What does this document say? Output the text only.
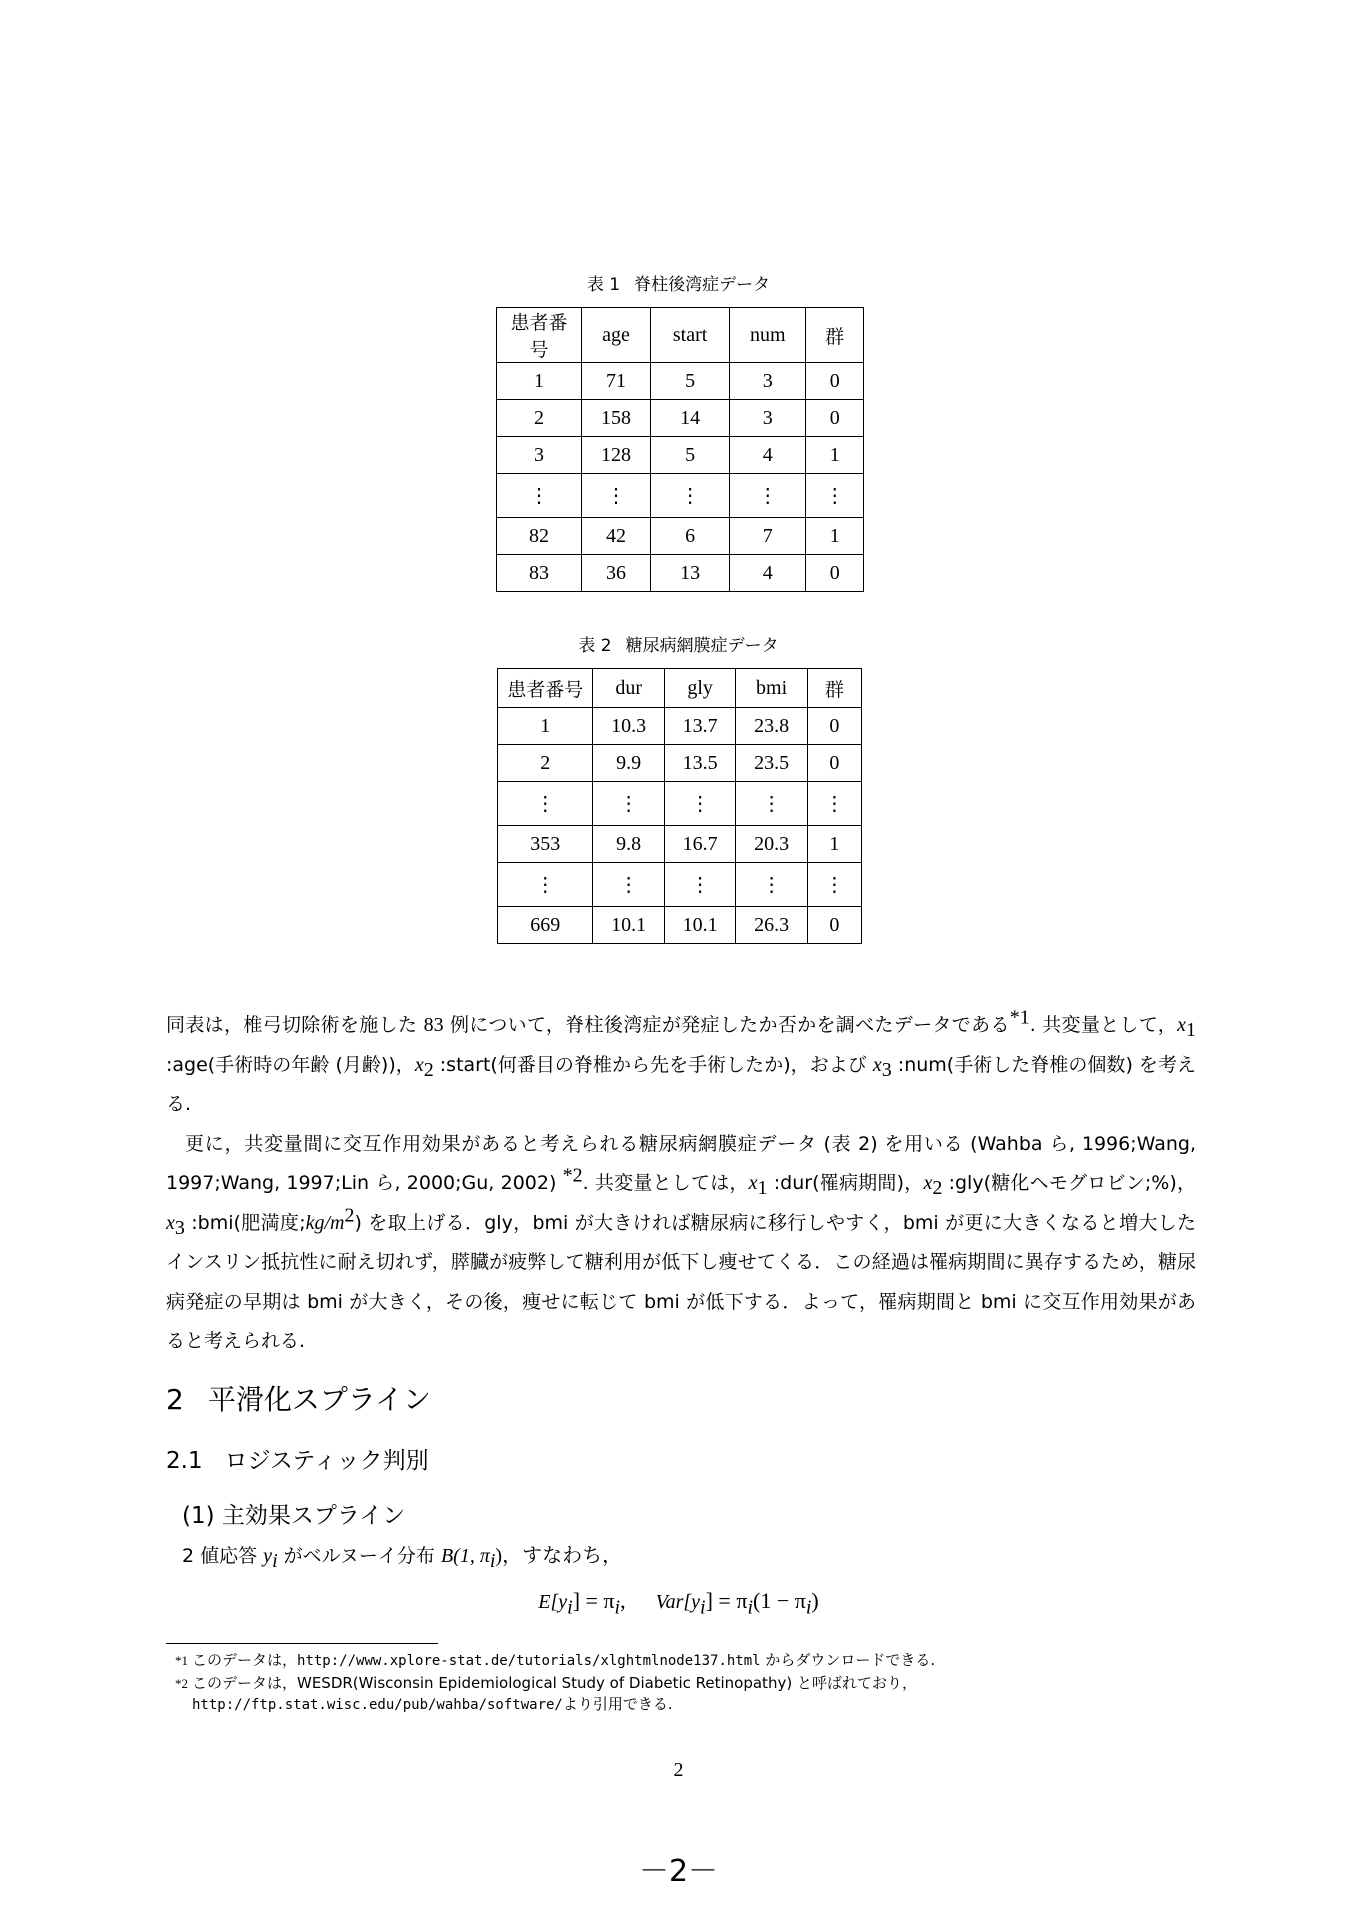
表 1 脊柱後湾症データ
患者番号	age	start	num	群
1	71	5	3	0
2	158	14	3	0
3	128	5	4	1
⋮	⋮	⋮	⋮	⋮
82	42	6	7	1
83	36	13	4	0
表 2 糖尿病網膜症データ
患者番号	dur	gly	bmi	群
1	10.3	13.7	23.8	0
2	9.9	13.5	23.5	0
⋮	⋮	⋮	⋮	⋮
353	9.8	16.7	20.3	1
⋮	⋮	⋮	⋮	⋮
669	10.1	10.1	26.3	0

同表は，椎弓切除術を施した 83 例について，脊柱後湾症が発症したか否かを調べたデータである$^{*1}$. 共変量として，$x_1$ :age(手術時の年齢 (月齢))，$x_2$ :start(何番目の脊椎から先を手術したか)，および $x_3$ :num(手術した脊椎の個数) を考える.

更に，共変量間に交互作用効果があると考えられる糖尿病網膜症データ (表 2) を用いる (Wahba ら, 1996;Wang, 1997;Wang, 1997;Lin ら, 2000;Gu, 2002) $^{*2}$. 共変量としては，$x_1$ :dur(罹病期間)，$x_2$ :gly(糖化ヘモグロビン;%)，$x_3$ :bmi(肥満度$;kg/m^2$) を取上げる．gly，bmi が大きければ糖尿病に移行しやすく，bmi が更に大きくなると増大したインスリン抵抗性に耐え切れず，膵臓が疲弊して糖利用が低下し痩せてくる．この経過は罹病期間に異存するため，糖尿病発症の早期は bmi が大きく，その後，痩せに転じて bmi が低下する．よって，罹病期間と bmi に交互作用効果があると考えられる.

2 平滑化スプライン
2.1 ロジスティック判別
(1) 主効果スプライン
2 値応答 $y_i$ がベルヌーイ分布 B(1, $\pi_i$)，すなわち，
$E[y_i] = \pi_i$, $Var[y_i] = \pi_i(1 - \pi_i)$
*1 このデータは，http://www.xplore-stat.de/tutorials/xlghtmlnode137.html からダウンロードできる.
*2 このデータは，WESDR(Wisconsin Epidemiological Study of Diabetic Retinopathy) と呼ばれており，
http://ftp.stat.wisc.edu/pub/wahba/software/より引用できる.
2
－2－
